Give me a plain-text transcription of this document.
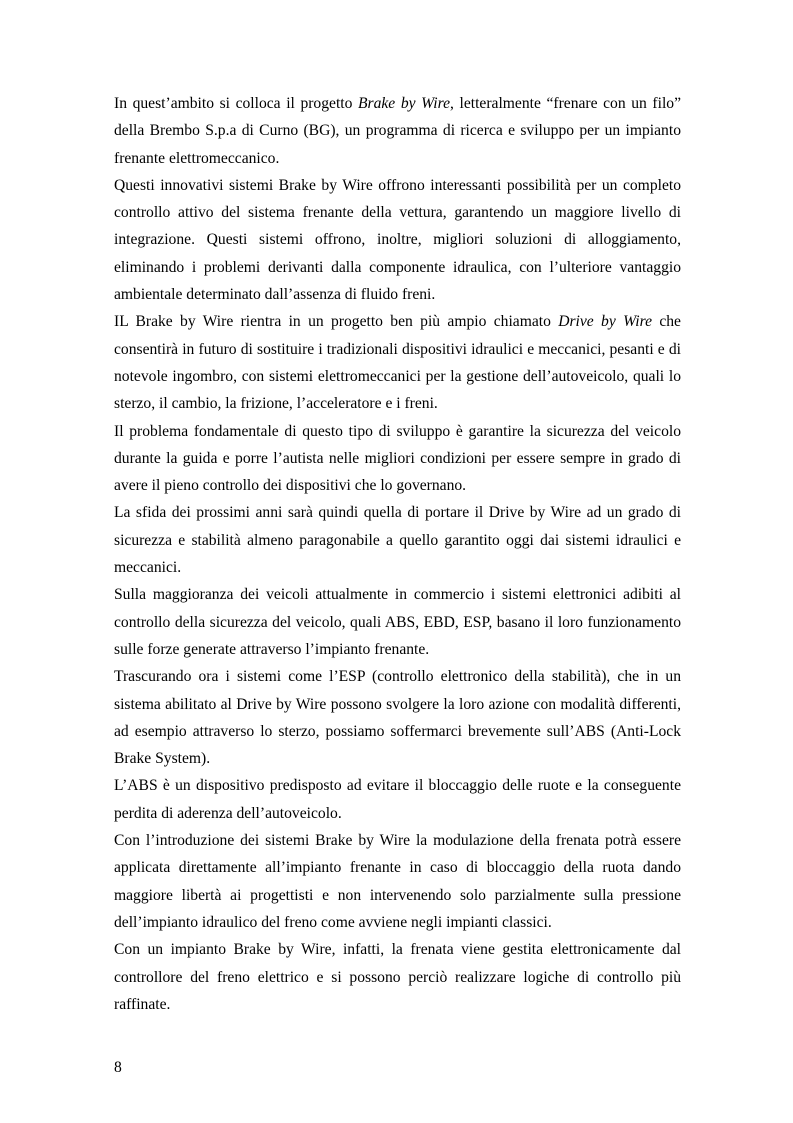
In quest’ambito si colloca il progetto Brake by Wire, letteralmente “frenare con un filo” della Brembo S.p.a di Curno (BG), un programma di ricerca e sviluppo per un impianto frenante elettromeccanico.

Questi innovativi sistemi Brake by Wire offrono interessanti possibilità per un completo controllo attivo del sistema frenante della vettura, garantendo un maggiore livello di integrazione. Questi sistemi offrono, inoltre, migliori soluzioni di alloggiamento, eliminando i problemi derivanti dalla componente idraulica, con l’ulteriore vantaggio ambientale determinato dall’assenza di fluido freni.

IL Brake by Wire rientra in un progetto ben più ampio chiamato Drive by Wire che consentirà in futuro di sostituire i tradizionali dispositivi idraulici e meccanici, pesanti e di notevole ingombro, con sistemi elettromeccanici per la gestione dell’autoveicolo, quali lo sterzo, il cambio, la frizione, l’acceleratore e i freni.

Il problema fondamentale di questo tipo di sviluppo è garantire la sicurezza del veicolo durante la guida e porre l’autista nelle migliori condizioni per essere sempre in grado di avere il pieno controllo dei dispositivi che lo governano.

La sfida dei prossimi anni sarà quindi quella di portare il Drive by Wire ad un grado di sicurezza e stabilità almeno paragonabile a quello garantito oggi dai sistemi idraulici e meccanici.

Sulla maggioranza dei veicoli attualmente in commercio i sistemi elettronici adibiti al controllo della sicurezza del veicolo, quali ABS, EBD, ESP, basano il loro funzionamento sulle forze generate attraverso l’impianto frenante.

Trascurando ora i sistemi come l’ESP (controllo elettronico della stabilità), che in un sistema abilitato al Drive by Wire possono svolgere la loro azione con modalità differenti, ad esempio attraverso lo sterzo, possiamo soffermarci brevemente sull’ABS (Anti-Lock Brake System).

L’ABS è un dispositivo predisposto ad evitare il bloccaggio delle ruote e la conseguente perdita di aderenza dell’autoveicolo.

Con l’introduzione dei sistemi Brake by Wire la modulazione della frenata potrà essere applicata direttamente all’impianto frenante in caso di bloccaggio della ruota dando maggiore libertà ai progettisti e non intervenendo solo parzialmente sulla pressione dell’impianto idraulico del freno come avviene negli impianti classici.

Con un impianto Brake by Wire, infatti, la frenata viene gestita elettronicamente dal controllore del freno elettrico e si possono perciò realizzare logiche di controllo più raffinate.

8
